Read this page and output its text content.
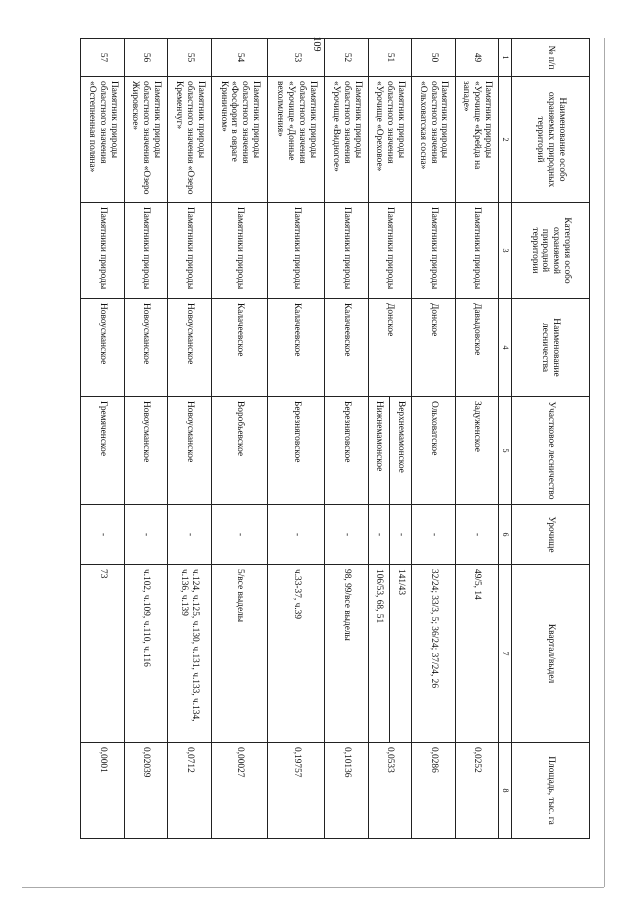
109
№ п/п	Наименование особо охраняемых природных территорий	Категория особо охраняемой природной территории	Наименование лесничества	Участковое лесничество	Урочище	Квартал/выдел	Площадь, тыс. га
1	2	3	4	5	6	7	8
49	Памятник природы «Урочище «Крейда на западе»	Памятники природы	Давыдовское	Задуженское	-	49/5, 14	0,0252
50	Памятник природы областного значения «Ольховатская сосна»	Памятники природы	Донское	Ольховатское	-	32/24; 33/3, 5; 36/24; 37/24, 26	0,0286
51	Памятник природы областного значения «Урочище «Ореховое»	Памятники природы	Донское	Верхнемамонское	-	141/43	0,0533
				Нижнемамонское	-	106/53, 68, 51	
52	Памятник природы областного значения «Урочище «Видногое»	Памятники природы	Калачеевское	Березняговское	-	98, 99/все выделы	0,10136
53	Памятник природы областного значения «Урочище «Донные вехолмления»	Памятники природы	Калачеевское	Березняговское	-	ч.33-37, ч.39	0,19757
54	Памятник природы областного значения «Фосфорит в овраге Криничном»	Памятники природы	Калачеевское	Воробьевское	-	5/все выделы	0,00027
55	Памятник природы областного значения «Озеро Кременчуг»	Памятники природы	Новоусманское	Новоусманское	-	ч.124, ч.125, ч.130, ч.131, ч.133, ч.134, ч.136, ч.139	0,0712
56	Памятник природы областного значения «Озеро Жировское»	Памятники природы	Новоусманское	Новоусманское	-	ч.102, ч.109, ч.110, ч.116	0,02039
57	Памятник природы областного значения «Остепненная поляна»	Памятники природы	Новоусманское	Гремяченское	-	73	0,0001
